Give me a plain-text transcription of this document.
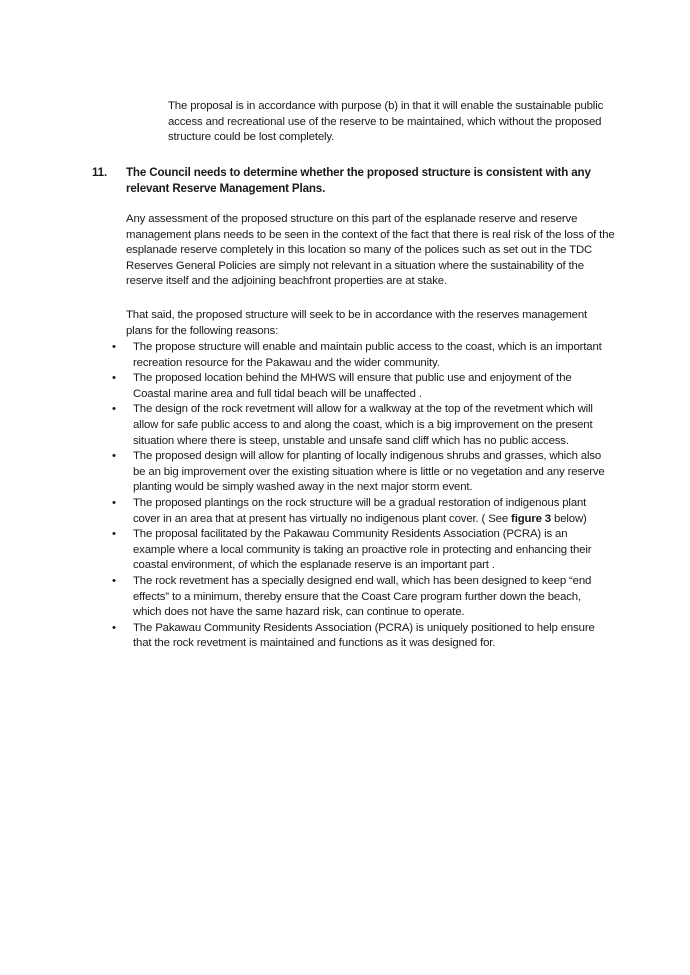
The proposal is in accordance with purpose (b) in that it will enable the sustainable public access and recreational use of the reserve to be maintained, which without the proposed structure could be lost completely.

11. The Council needs to determine whether the proposed structure is consistent with any relevant Reserve Management Plans.

Any assessment of the proposed structure on this part of the esplanade reserve and reserve management plans needs to be seen in the context of the fact that there is real risk of the loss of the esplanade reserve completely in this location so many of the polices such as set out in the TDC Reserves General Policies are simply not relevant in a situation where the sustainability of the reserve itself and the adjoining beachfront properties are at stake.

That said, the proposed structure will seek to be in accordance with the reserves management plans for the following reasons:

• The propose structure will enable and maintain public access to the coast, which is an important recreation resource for the Pakawau and the wider community.
• The proposed location behind the MHWS will ensure that public use and enjoyment of the Coastal marine area and full tidal beach will be unaffected .
• The design of the rock revetment will allow for a walkway at the top of the revetment which will allow for safe public access to and along the coast, which is a big improvement on the present situation where there is steep, unstable and unsafe sand cliff which has no public access.
• The proposed design will allow for planting of locally indigenous shrubs and grasses, which also be an big improvement over the existing situation where is little or no vegetation and any reserve planting would be simply washed away in the next major storm event.
• The proposed plantings on the rock structure will be a gradual restoration of indigenous plant cover in an area that at present has virtually no indigenous plant cover. ( See figure 3 below)
• The proposal facilitated by the Pakawau Community Residents Association (PCRA) is an example where a local community is taking an proactive role in protecting and enhancing their coastal environment, of which the esplanade reserve is an important part .
• The rock revetment has a specially designed end wall, which has been designed to keep “end effects” to a minimum, thereby ensure that the Coast Care program further down the beach, which does not have the same hazard risk, can continue to operate.
• The Pakawau Community Residents Association (PCRA) is uniquely positioned to help ensure that the rock revetment is maintained and functions as it was designed for.
